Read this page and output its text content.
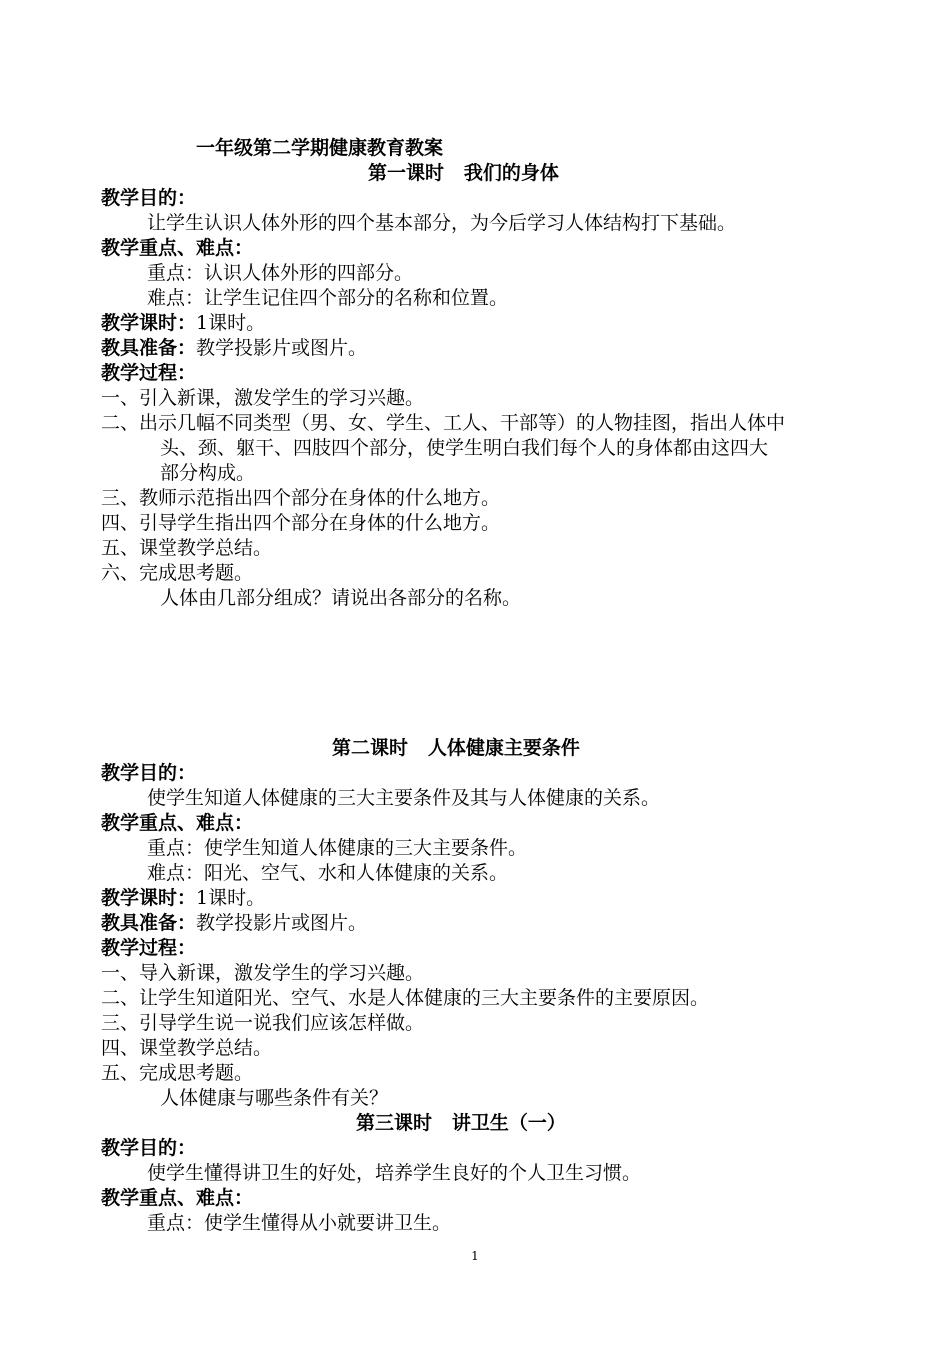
一年级第二学期健康教育教案
第一课时   我们的身体
教学目的：
让学生认识人体外形的四个基本部分，为今后学习人体结构打下基础。
教学重点、难点：
重点：认识人体外形的四部分。
难点：让学生记住四个部分的名称和位置。
教学课时：1课时。
教具准备：教学投影片或图片。
教学过程：
一、引入新课，激发学生的学习兴趣。
二、出示几幅不同类型（男、女、学生、工人、干部等）的人物挂图，指出人体中
头、颈、躯干、四肢四个部分，使学生明白我们每个人的身体都由这四大
部分构成。
三、教师示范指出四个部分在身体的什么地方。
四、引导学生指出四个部分在身体的什么地方。
五、课堂教学总结。
六、完成思考题。
人体由几部分组成？请说出各部分的名称。
第二课时   人体健康主要条件
教学目的：
使学生知道人体健康的三大主要条件及其与人体健康的关系。
教学重点、难点：
重点：使学生知道人体健康的三大主要条件。
难点：阳光、空气、水和人体健康的关系。
教学课时：1课时。
教具准备：教学投影片或图片。
教学过程：
一、导入新课，激发学生的学习兴趣。
二、让学生知道阳光、空气、水是人体健康的三大主要条件的主要原因。
三、引导学生说一说我们应该怎样做。
四、课堂教学总结。
五、完成思考题。
人体健康与哪些条件有关？
第三课时   讲卫生（一）
教学目的：
使学生懂得讲卫生的好处，培养学生良好的个人卫生习惯。
教学重点、难点：
重点：使学生懂得从小就要讲卫生。
1
